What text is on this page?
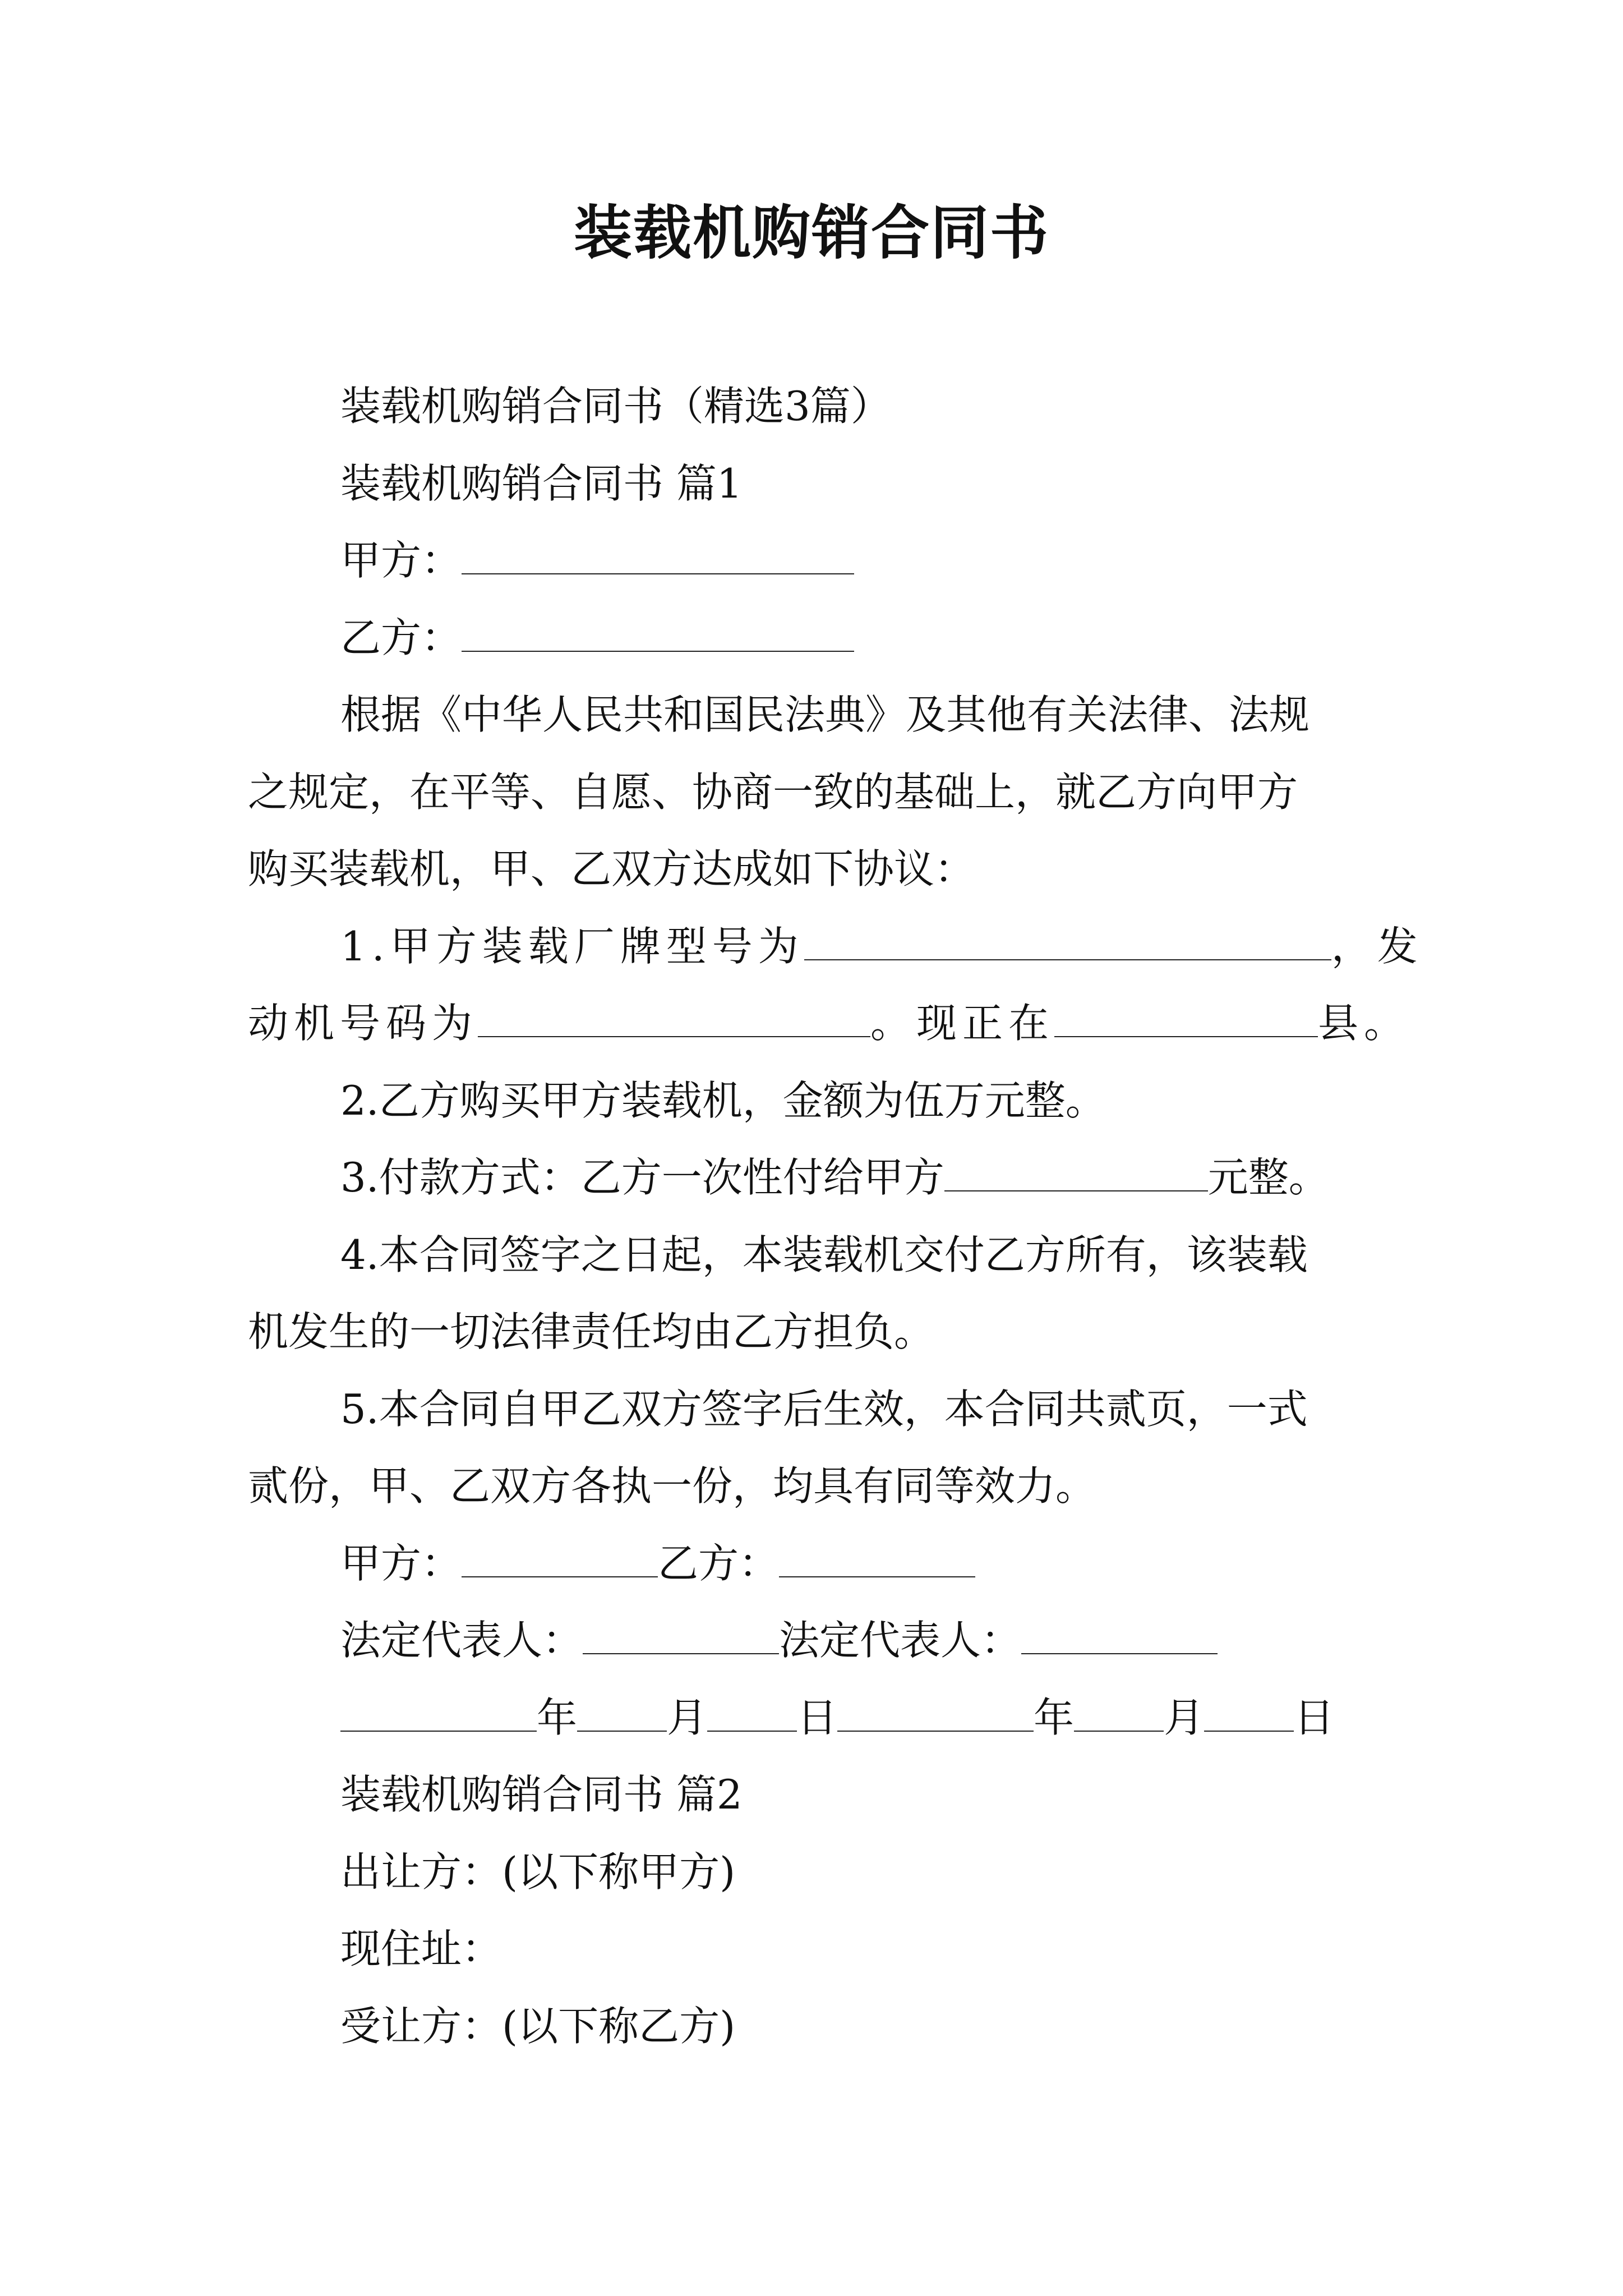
装载机购销合同书
装载机购销合同书（精选3篇）
装载机购销合同书 篇1
甲方：
乙方：
根据《中华人民共和国民法典》及其他有关法律、法规
之规定，在平等、自愿、协商一致的基础上，就乙方向甲方
购买装载机，甲、乙双方达成如下协议：
1.甲方装载厂牌型号为	，发
动机号码为	。现正在	县。
2.乙方购买甲方装载机，金额为伍万元整。
3.付款方式：乙方一次性付给甲方	元整。
4.本合同签字之日起，本装载机交付乙方所有，该装载
机发生的一切法律责任均由乙方担负。
5.本合同自甲乙双方签字后生效，本合同共贰页，一式
贰份，甲、乙双方各执一份，均具有同等效力。
甲方：	乙方：
法定代表人：	法定代表人：
年 月 日	年 月 日
装载机购销合同书 篇2
出让方：(以下称甲方)
现住址：
受让方：(以下称乙方)
